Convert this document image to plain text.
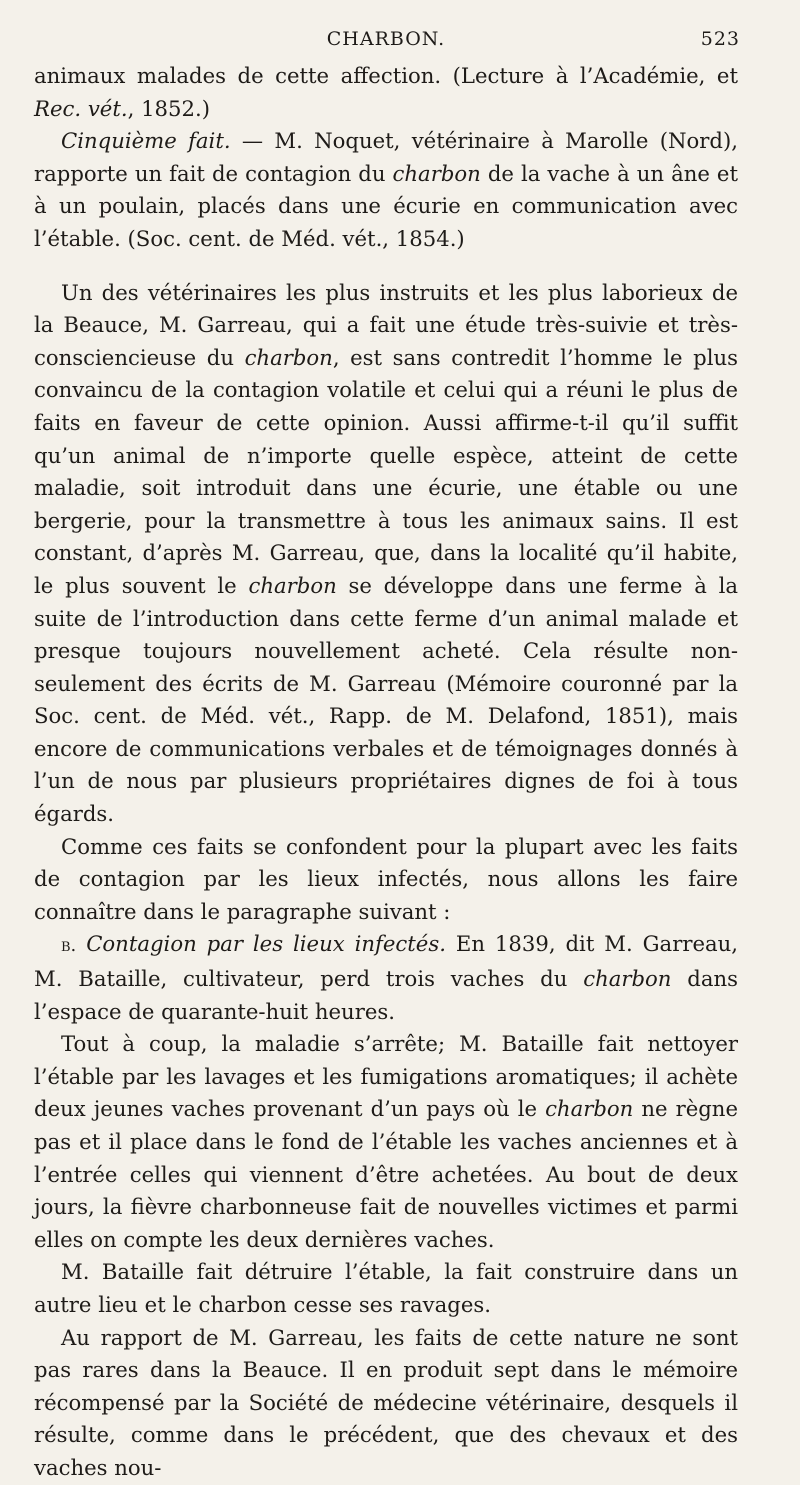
CHARBON.	523

animaux malades de cette affection. (Lecture à l’Académie, et Rec. vét., 1852.)

Cinquième fait. — M. Noquet, vétérinaire à Marolle (Nord), rapporte un fait de contagion du charbon de la vache à un âne et à un poulain, placés dans une écurie en communication avec l’étable. (Soc. cent. de Méd. vét., 1854.)

Un des vétérinaires les plus instruits et les plus laborieux de la Beauce, M. Garreau, qui a fait une étude très-suivie et très-consciencieuse du charbon, est sans contredit l’homme le plus convaincu de la contagion volatile et celui qui a réuni le plus de faits en faveur de cette opinion. Aussi affirme-t-il qu’il suffit qu’un animal de n’importe quelle espèce, atteint de cette maladie, soit introduit dans une écurie, une étable ou une bergerie, pour la transmettre à tous les animaux sains. Il est constant, d’après M. Garreau, que, dans la localité qu’il habite, le plus souvent le charbon se développe dans une ferme à la suite de l’introduction dans cette ferme d’un animal malade et presque toujours nouvellement acheté. Cela résulte non-seulement des écrits de M. Garreau (Mémoire couronné par la Soc. cent. de Méd. vét., Rapp. de M. Delafond, 1851), mais encore de communications verbales et de témoignages donnés à l’un de nous par plusieurs propriétaires dignes de foi à tous égards.

Comme ces faits se confondent pour la plupart avec les faits de contagion par les lieux infectés, nous allons les faire connaître dans le paragraphe suivant :

b. Contagion par les lieux infectés. En 1839, dit M. Garreau, M. Bataille, cultivateur, perd trois vaches du charbon dans l’espace de quarante-huit heures.

Tout à coup, la maladie s’arrête; M. Bataille fait nettoyer l’étable par les lavages et les fumigations aromatiques; il achète deux jeunes vaches provenant d’un pays où le charbon ne règne pas et il place dans le fond de l’étable les vaches anciennes et à l’entrée celles qui viennent d’être achetées. Au bout de deux jours, la fièvre charbonneuse fait de nouvelles victimes et parmi elles on compte les deux dernières vaches.

M. Bataille fait détruire l’étable, la fait construire dans un autre lieu et le charbon cesse ses ravages.

Au rapport de M. Garreau, les faits de cette nature ne sont pas rares dans la Beauce. Il en produit sept dans le mémoire récompensé par la Société de médecine vétérinaire, desquels il résulte, comme dans le précédent, que des chevaux et des vaches nou-
